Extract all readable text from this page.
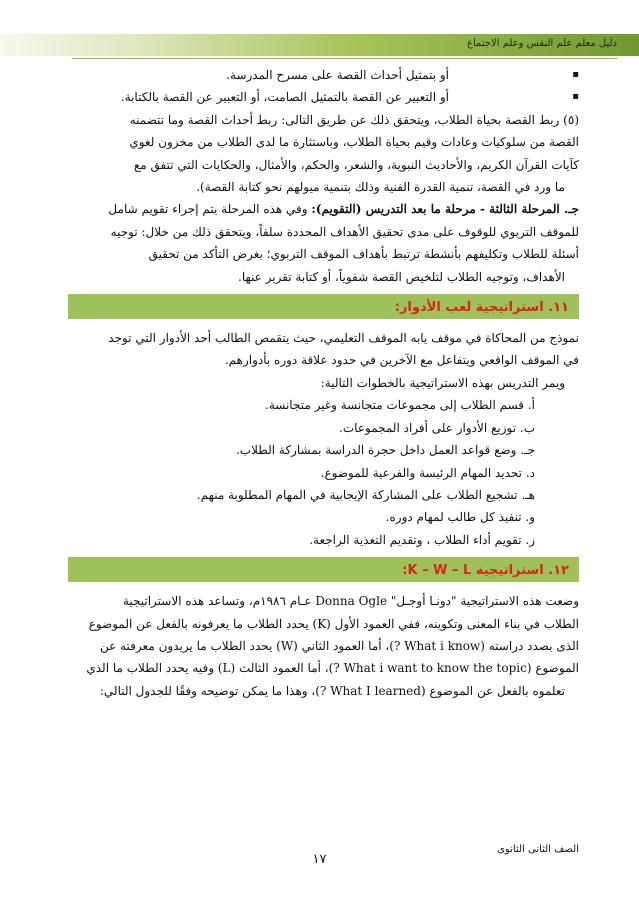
دليل معلم علم النفس وعلم الاجتماع

▪ أو بتمثيل أحداث القصة على مسرح المدرسة.

▪ أو التعبير عن القصة بالتمثيل الصامت، أو التعبير عن القصة بالكتابة.

(٥) ربط القصة بحياة الطلاب، ويتحقق ذلك عن طريق التالى: ربط أحداث القصة وما تتضمنه

القصة من سلوكيات وعادات وقيم بحياة الطلاب، وباستثارة ما لدى الطلاب من مخزون لغوي

كآيات القرآن الكريم، والأحاديث النبوية، والشعر، والحكم، والأمثال، والحكايات التي تتفق مع

ما ورد في القصة، تنمية القدرة الفنية وذلك بتنمية ميولهم نحو كتابة القصة).

جـ. المرحلة الثالثة - مرحلة ما بعد التدريس (التقويم): وفي هذه المرحلة يتم إجراء تقويم شامل

للموقف التربوي للوقوف على مدى تحقيق الأهداف المحددة سلفاً، ويتحقق ذلك من خلال: توجيه

أسئلة للطلاب وتكليفهم بأنشطة ترتبط بأهداف الموقف التربوي؛ بغرض التأكد من تحقيق

الأهداف، وتوجيه الطلاب لتلخيص القصة شفوياً، أو كتابة تقرير عنها.

١١. استراتيجية لعب الأدوار:

نموذج من المحاكاة في موقف يابه الموقف التعليمي، حيث يتقمص الطالب أحد الأدوار التي توجد

في الموقف الواقعي ويتفاعل مع الآخرين في حدود علاقة دوره بأدوارهم.

ويمر التدريس بهذه الاستراتيجية بالخطوات التالية:

أ. قسم الطلاب إلى مجموعات متجانسة وغير متجانسة.

ب. توزيع الأدوار على أفراد المجموعات.

جـ. وضع قواعد العمل داخل حجرة الدراسة بمشاركة الطلاب.

د. تحديد المهام الرئيسة والفرعية للموضوع.

هـ. تشجيع الطلاب على المشاركة الإيجابية في المهام المطلوبة منهم.

و. تنفيذ كل طالب لمهام دوره.

ز. تقويم أداء الطلاب ، وتقديم التغذية الراجعة.

١٢. استراتيجية K – W – L:

وضعت هذه الاستراتيجية "دونـا أوجـل" Donna Ogle عـام ١٩٨٦م، وتساعد هذه الاستراتيجية

الطلاب في بناء المعنى وتكوينه، ففي العمود الأول (K) يحدد الطلاب ما يعرفونه بالفعل عن الموضوع

الذى بصدد دراسته (What i know ?)، أما العمود الثاني (W) يحدد الطلاب ما يريدون معرفته عن

الموضوع (What i want to know the topic ?)، أما العمود الثالث (L) وفيه يحدد الطلاب ما الذي

تعلموه بالفعل عن الموضوع (What I learned ?)، وهذا ما يمكن توضيحه وفقًا للجدول التالي:

الصف الثانى الثانوى
١٧
